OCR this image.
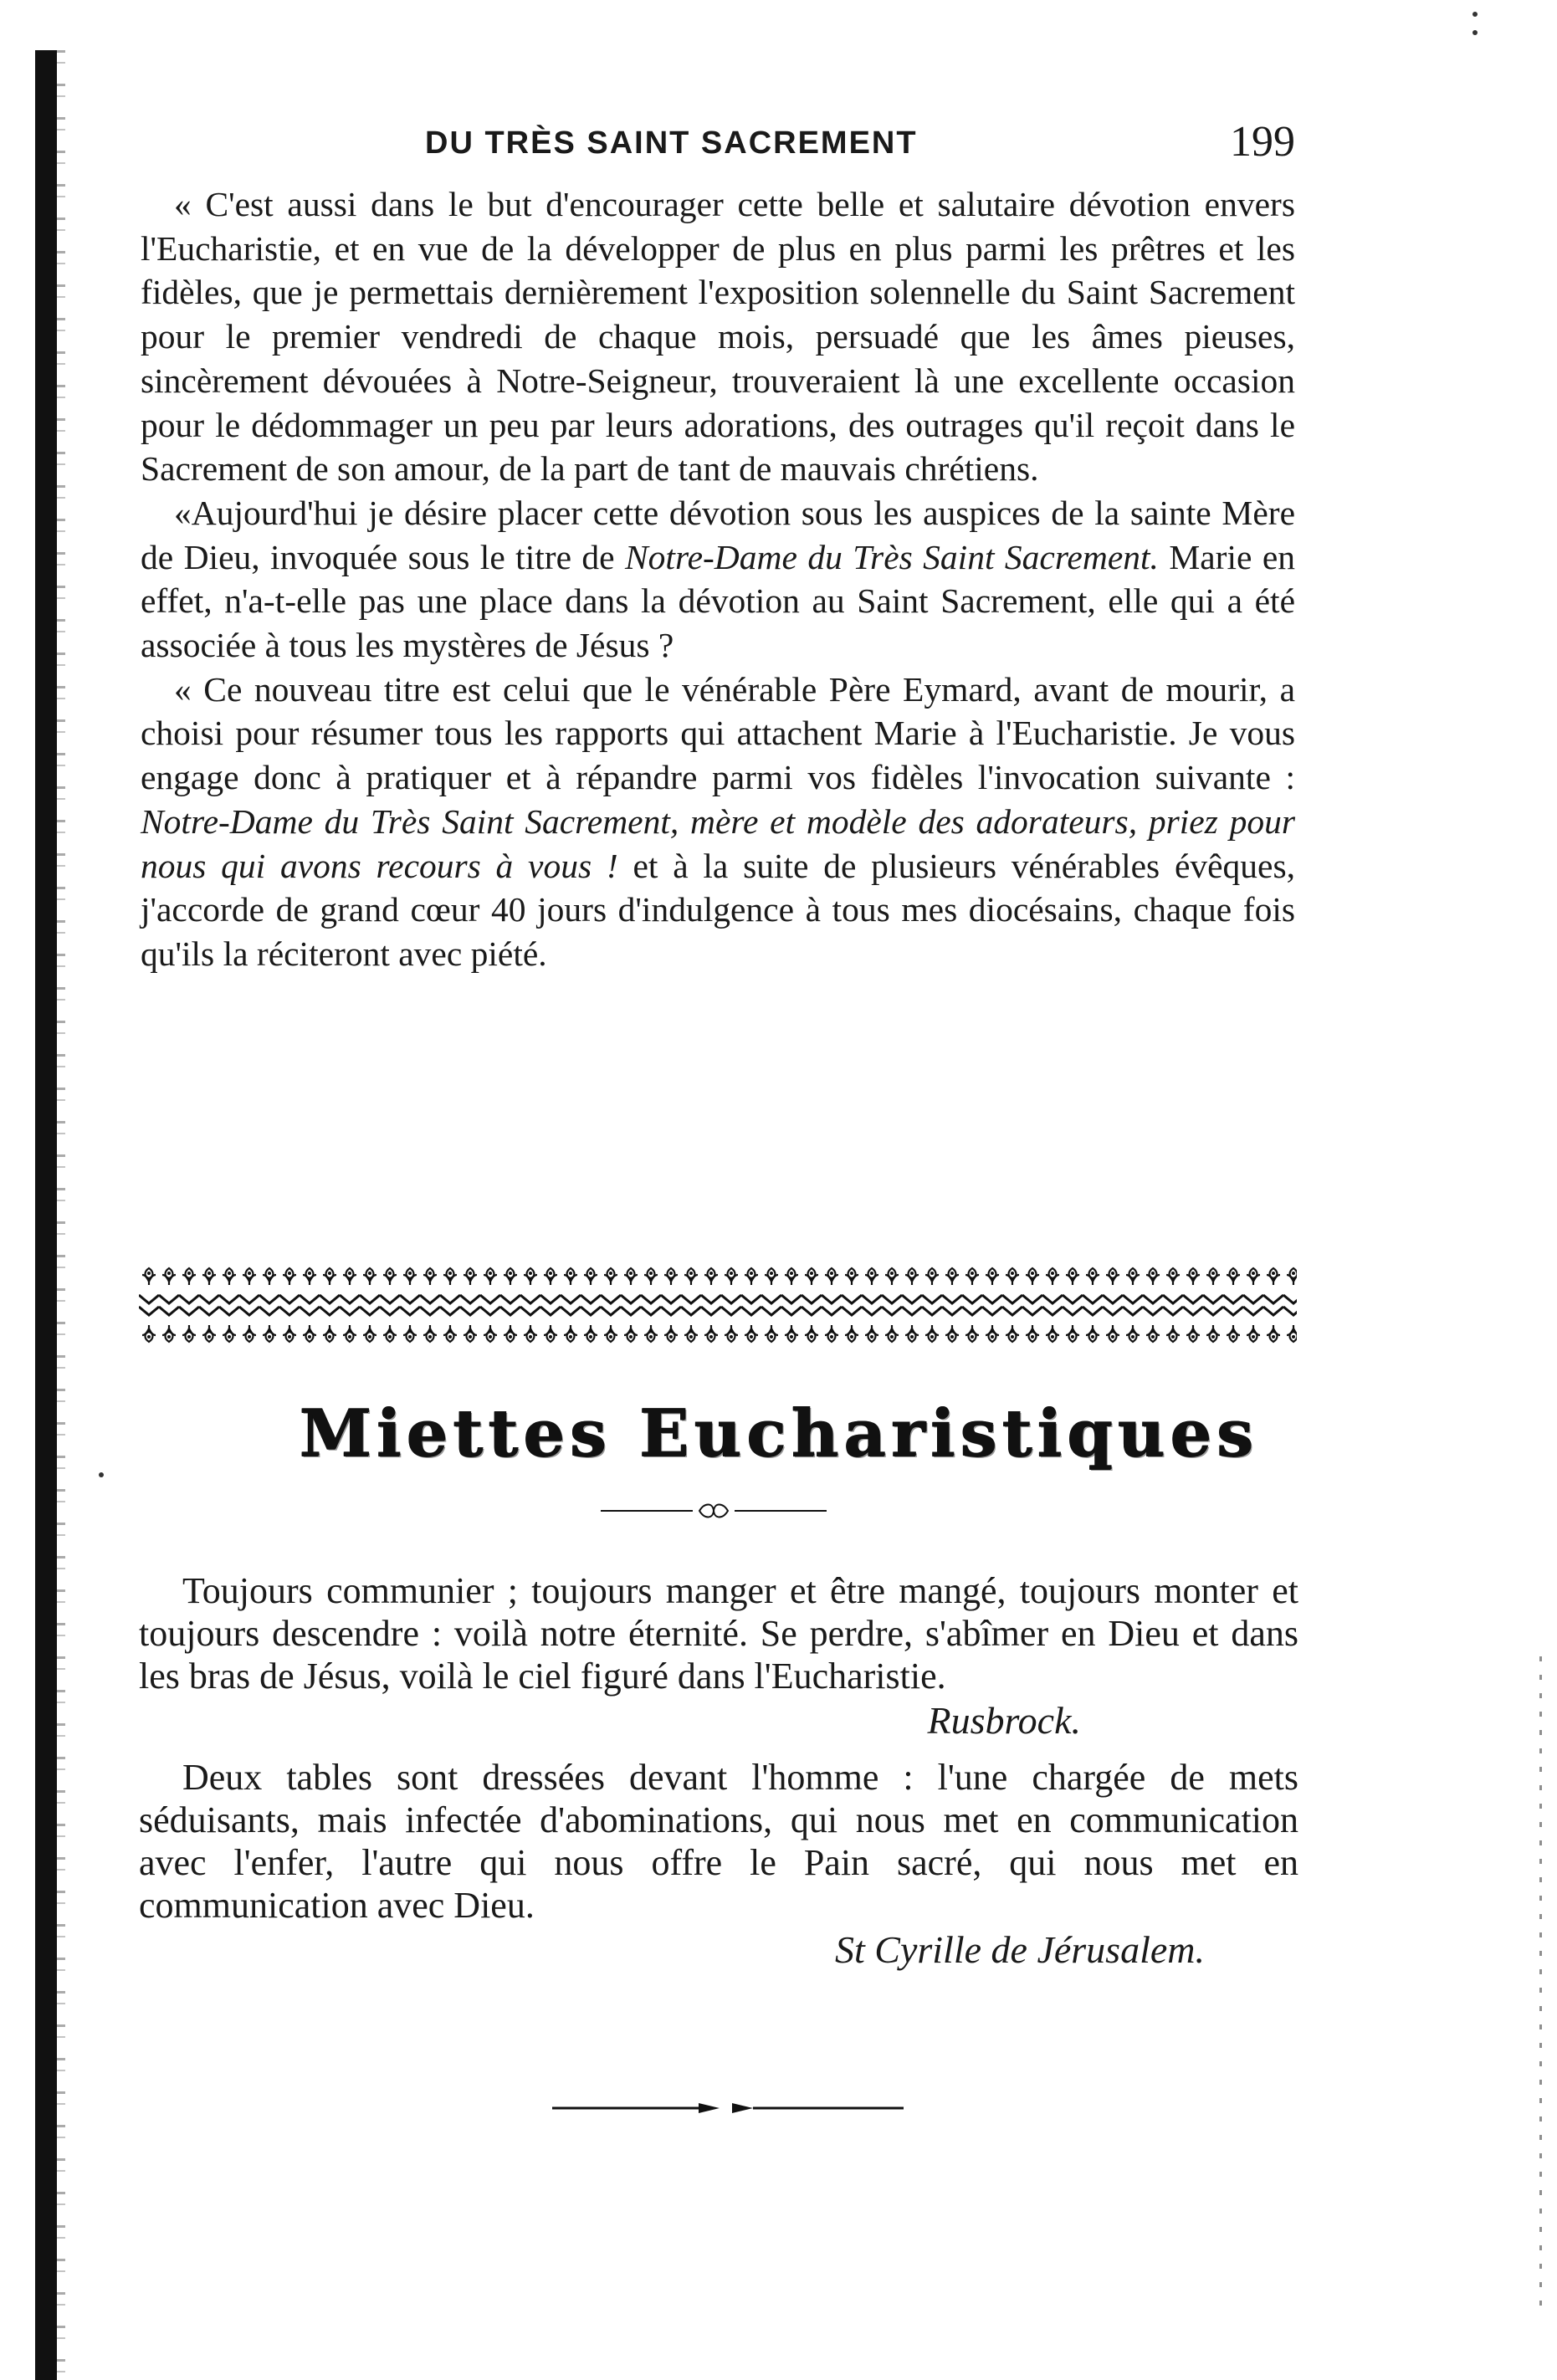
DU TRÈS SAINT SACREMENT	199

« C'est aussi dans le but d'encourager cette belle et salutaire dévotion envers l'Eucharistie, et en vue de la développer de plus en plus parmi les prêtres et les fidèles, que je permettais dernièrement l'exposition solennelle du Saint Sacrement pour le premier vendredi de chaque mois, persuadé que les âmes pieuses, sincèrement dévouées à Notre-Seigneur, trouveraient là une excellente occasion pour le dédommager un peu par leurs adorations, des outrages qu'il reçoit dans le Sacrement de son amour, de la part de tant de mauvais chrétiens.

«Aujourd'hui je désire placer cette dévotion sous les auspices de la sainte Mère de Dieu, invoquée sous le titre de Notre-Dame du Très Saint Sacrement. Marie en effet, n'a-t-elle pas une place dans la dévotion au Saint Sacrement, elle qui a été associée à tous les mystères de Jésus ?

« Ce nouveau titre est celui que le vénérable Père Eymard, avant de mourir, a choisi pour résumer tous les rapports qui attachent Marie à l'Eucharistie. Je vous engage donc à pratiquer et à répandre parmi vos fidèles l'invocation suivante : Notre-Dame du Très Saint Sacrement, mère et modèle des adorateurs, priez pour nous qui avons recours à vous ! et à la suite de plusieurs vénérables évêques, j'accorde de grand cœur 40 jours d'indulgence à tous mes diocésains, chaque fois qu'ils la réciteront avec piété.

Miettes Eucharistiques

Toujours communier ; toujours manger et être mangé, toujours monter et toujours descendre : voilà notre éternité. Se perdre, s'abîmer en Dieu et dans les bras de Jésus, voilà le ciel figuré dans l'Eucharistie.

Rusbrock.

Deux tables sont dressées devant l'homme : l'une chargée de mets séduisants, mais infectée d'abominations, qui nous met en communication avec l'enfer, l'autre qui nous offre le Pain sacré, qui nous met en communication avec Dieu.

St Cyrille de Jérusalem.
